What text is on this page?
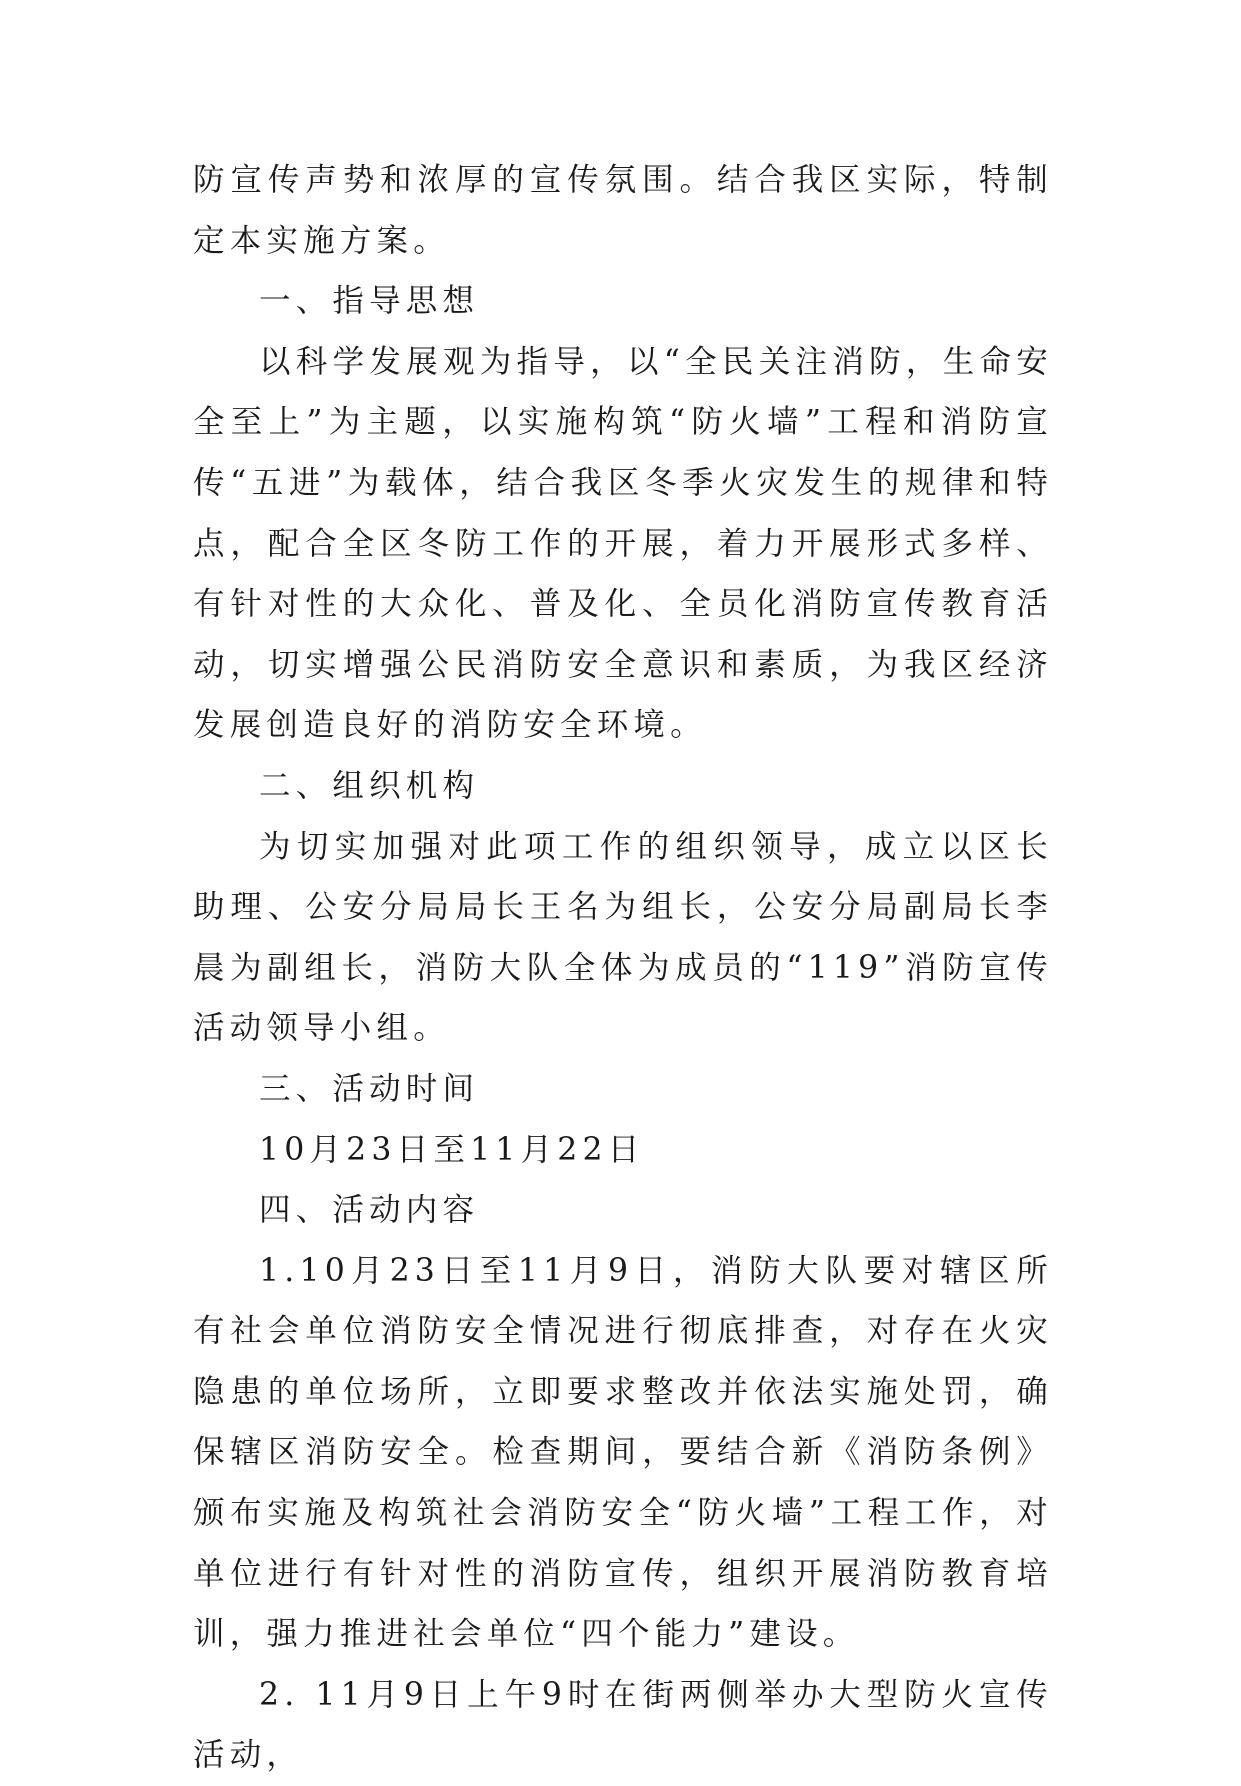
防宣传声势和浓厚的宣传氛围。结合我区实际，特制定本实施方案。

一、指导思想

以科学发展观为指导，以“全民关注消防，生命安全至上”为主题，以实施构筑“防火墙”工程和消防宣传“五进”为载体，结合我区冬季火灾发生的规律和特点，配合全区冬防工作的开展，着力开展形式多样、有针对性的大众化、普及化、全员化消防宣传教育活动，切实增强公民消防安全意识和素质，为我区经济发展创造良好的消防安全环境。

二、组织机构

为切实加强对此项工作的组织领导，成立以区长助理、公安分局局长王名为组长，公安分局副局长李晨为副组长，消防大队全体为成员的“119”消防宣传活动领导小组。

三、活动时间

10月23日至11月22日

四、活动内容

1.10月23日至11月9日，消防大队要对辖区所有社会单位消防安全情况进行彻底排查，对存在火灾隐患的单位场所，立即要求整改并依法实施处罚，确保辖区消防安全。检查期间，要结合新《消防条例》颁布实施及构筑社会消防安全“防火墙”工程工作，对单位进行有针对性的消防宣传，组织开展消防教育培训，强力推进社会单位“四个能力”建设。

2. 11月9日上午9时在街两侧举办大型防火宣传活动，
